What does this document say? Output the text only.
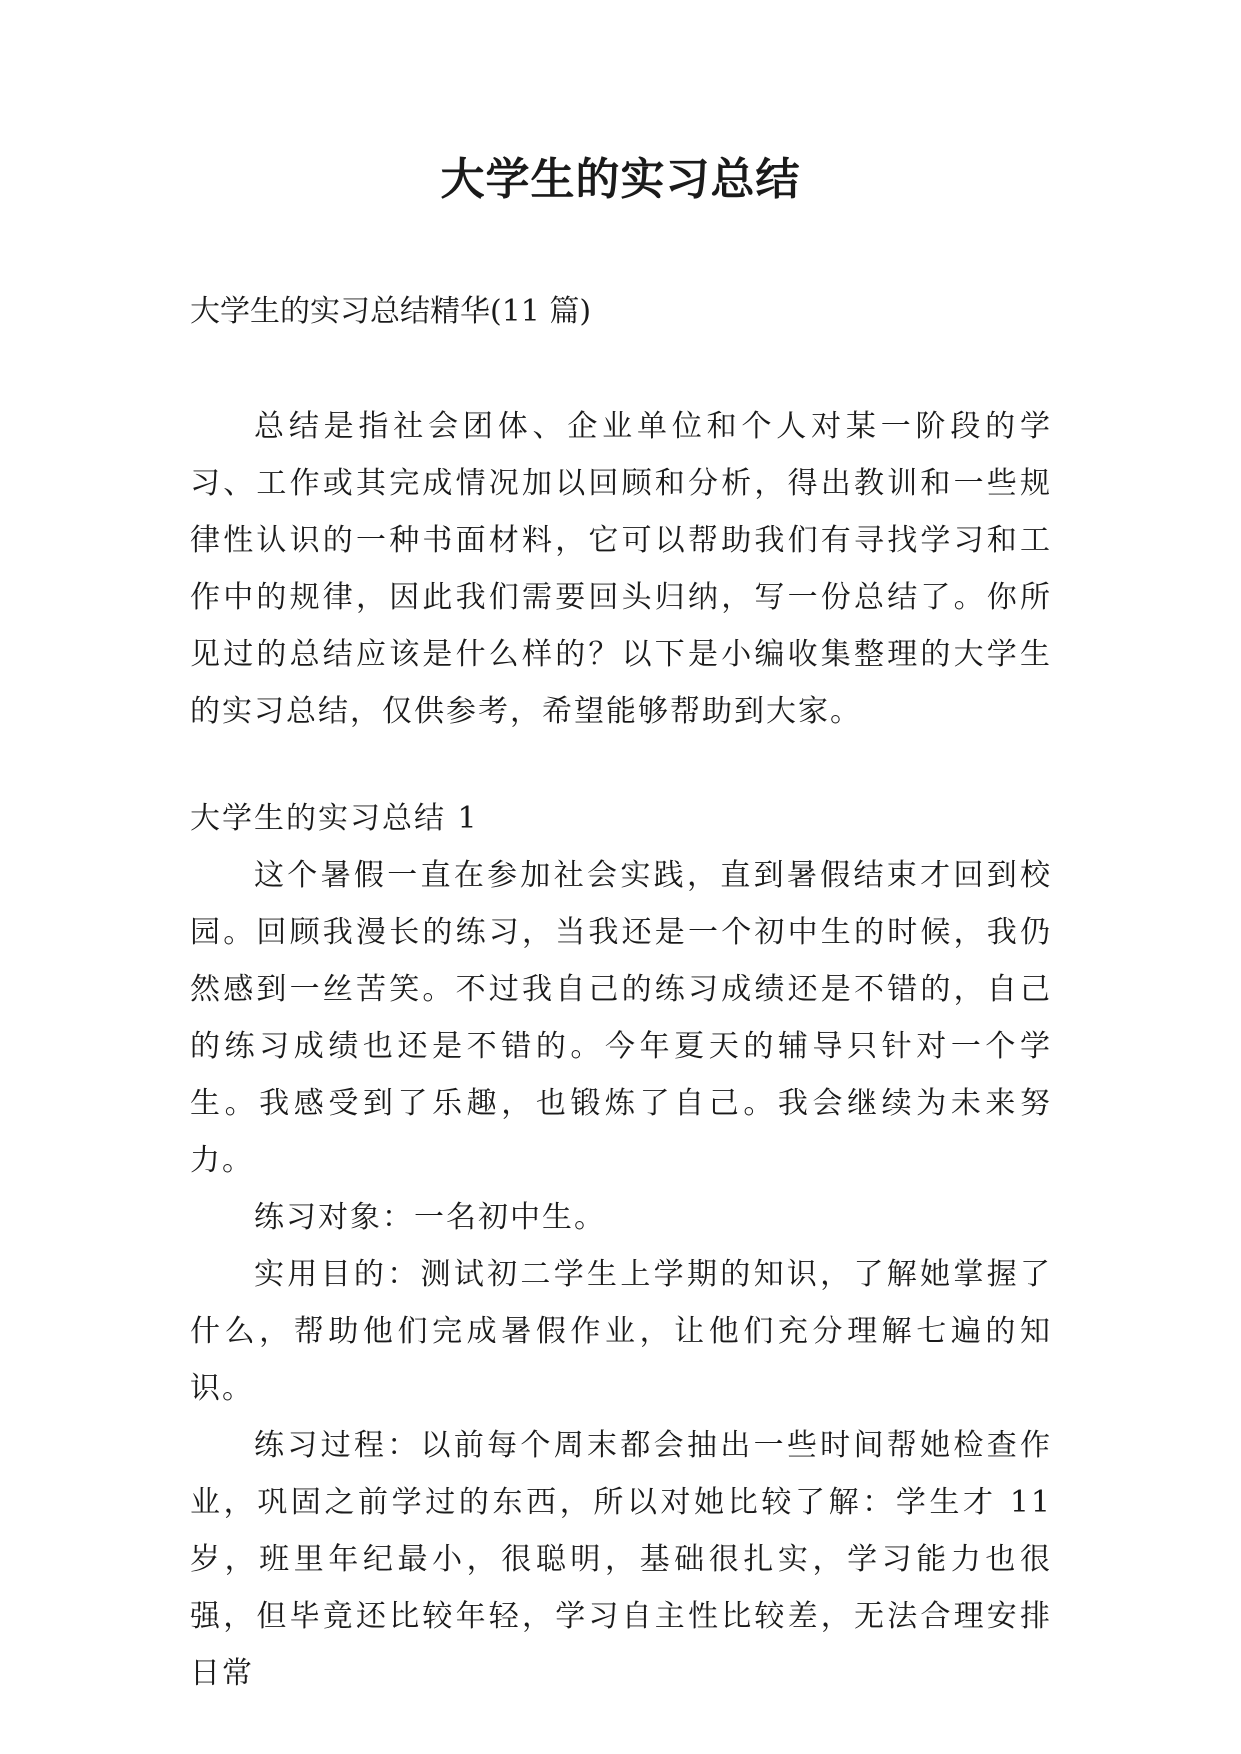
大学生的实习总结

大学生的实习总结精华(11 篇)

总结是指社会团体、企业单位和个人对某一阶段的学习、工作或其完成情况加以回顾和分析，得出教训和一些规律性认识的一种书面材料，它可以帮助我们有寻找学习和工作中的规律，因此我们需要回头归纳，写一份总结了。你所见过的总结应该是什么样的？以下是小编收集整理的大学生的实习总结，仅供参考，希望能够帮助到大家。

大学生的实习总结 1

这个暑假一直在参加社会实践，直到暑假结束才回到校园。回顾我漫长的练习，当我还是一个初中生的时候，我仍然感到一丝苦笑。不过我自己的练习成绩还是不错的，自己的练习成绩也还是不错的。今年夏天的辅导只针对一个学生。我感受到了乐趣，也锻炼了自己。我会继续为未来努力。

练习对象：一名初中生。

实用目的：测试初二学生上学期的知识，了解她掌握了什么，帮助他们完成暑假作业，让他们充分理解七遍的知识。

练习过程：以前每个周末都会抽出一些时间帮她检查作业，巩固之前学过的东西，所以对她比较了解：学生才 11 岁，班里年纪最小，很聪明，基础很扎实，学习能力也很强，但毕竟还比较年轻，学习自主性比较差，无法合理安排日常
